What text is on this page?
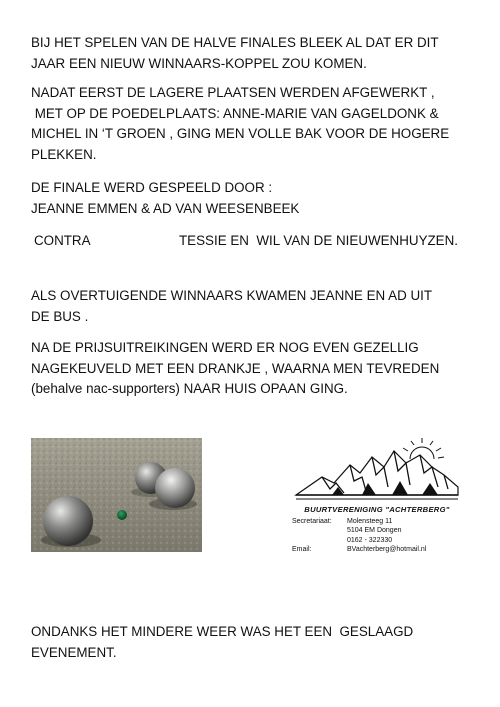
BIJ HET SPELEN VAN DE HALVE FINALES BLEEK AL DAT ER DIT
JAAR EEN NIEUW WINNAARS-KOPPEL ZOU KOMEN.

NADAT EERST DE LAGERE PLAATSEN WERDEN AFGEWERKT ,
MET OP DE POEDELPLAATS: ANNE-MARIE VAN GAGELDONK &
MICHEL IN ‘T GROEN , GING MEN VOLLE BAK VOOR DE HOGERE
PLEKKEN.

DE FINALE WERD GESPEELD DOOR :
JEANNE EMMEN & AD VAN WEESENBEEK

CONTRA	TESSIE EN  WIL VAN DE NIEUWENHUYZEN.

ALS OVERTUIGENDE WINNAARS KWAMEN JEANNE EN AD UIT
DE BUS .

NA DE PRIJSUITREIKINGEN WERD ER NOG EVEN GEZELLIG
NAGEKEUVELD MET EEN DRANKJE , WAARNA MEN TEVREDEN
(behalve nac-supporters) NAAR HUIS OPAAN GING.

BUURTVERENIGING "ACHTERBERG"
Secretariaat: Molensteeg 11
5104 EM Dongen
0162 - 322330
Email:	BVachterberg@hotmail.nl

ONDANKS HET MINDERE WEER WAS HET EEN  GESLAAGD
EVENEMENT.
